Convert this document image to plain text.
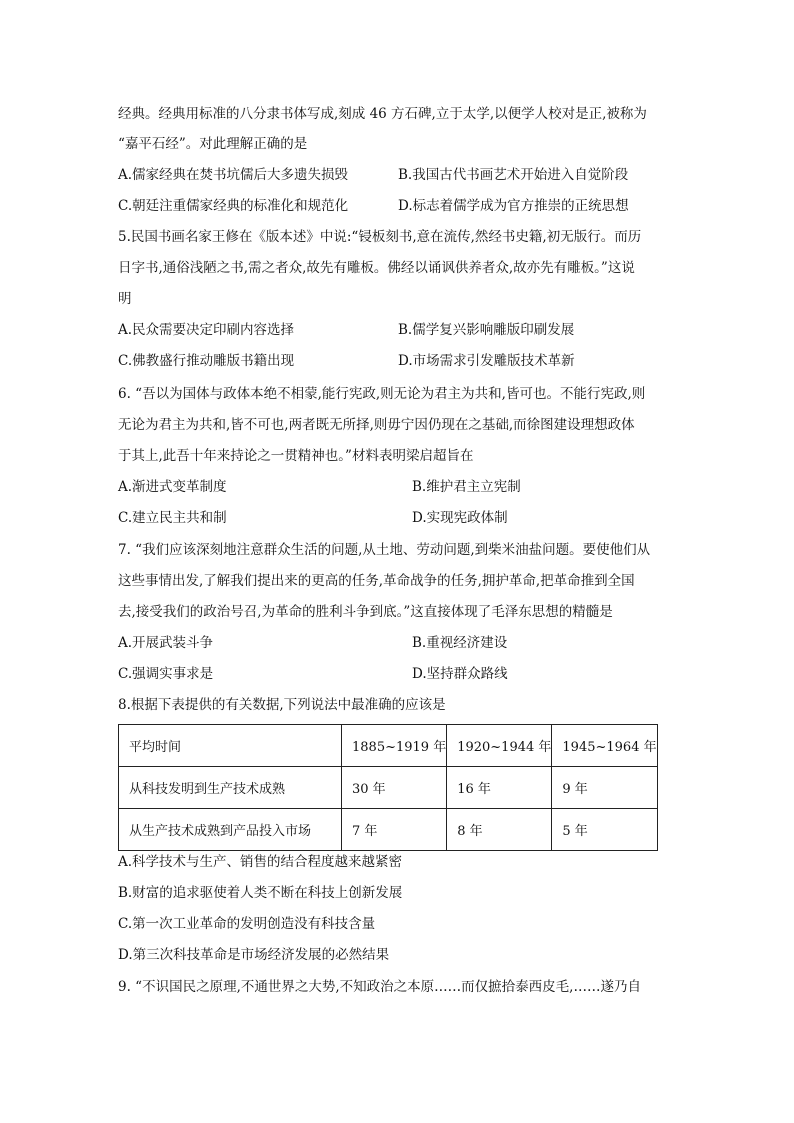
经典。经典用标准的八分隶书体写成,刻成 46 方石碑,立于太学,以便学人校对是正,被称为
“嘉平石经”。对此理解正确的是
A.儒家经典在焚书坑儒后大多遗失损毁	B.我国古代书画艺术开始进入自觉阶段
C.朝廷注重儒家经典的标准化和规范化	D.标志着儒学成为官方推崇的正统思想
5.民国书画名家王修在《版本述》中说:“锓板刻书,意在流传,然经书史籍,初无版行。而历
日字书,通俗浅陋之书,需之者众,故先有雕板。佛经以诵讽供养者众,故亦先有雕板。”这说
明
A.民众需要决定印刷内容选择	B.儒学复兴影响雕版印刷发展
C.佛教盛行推动雕版书籍出现	D.市场需求引发雕版技术革新
6. “吾以为国体与政体本绝不相蒙,能行宪政,则无论为君主为共和,皆可也。不能行宪政,则
无论为君主为共和,皆不可也,两者既无所择,则毋宁因仍现在之基础,而徐图建设理想政体
于其上,此吾十年来持论之一贯精神也。”材料表明梁启超旨在
A.渐进式变革制度	B.维护君主立宪制
C.建立民主共和制	D.实现宪政体制
7. “我们应该深刻地注意群众生活的问题,从土地、劳动问题,到柴米油盐问题。要使他们从
这些事情出发,了解我们提出来的更高的任务,革命战争的任务,拥护革命,把革命推到全国
去,接受我们的政治号召,为革命的胜利斗争到底。”这直接体现了毛泽东思想的精髓是
A.开展武装斗争	B.重视经济建设
C.强调实事求是	D.坚持群众路线
8.根据下表提供的有关数据,下列说法中最准确的应该是
平均时间	1885~1919 年	1920~1944 年	1945~1964 年
从科技发明到生产技术成熟	30 年	16 年	9 年
从生产技术成熟到产品投入市场	7 年	8 年	5 年
A.科学技术与生产、销售的结合程度越来越紧密
B.财富的追求驱使着人类不断在科技上创新发展
C.第一次工业革命的发明创造没有科技含量
D.第三次科技革命是市场经济发展的必然结果
9. “不识国民之原理,不通世界之大势,不知政治之本原……而仅摭拾泰西皮毛,……遂乃自
